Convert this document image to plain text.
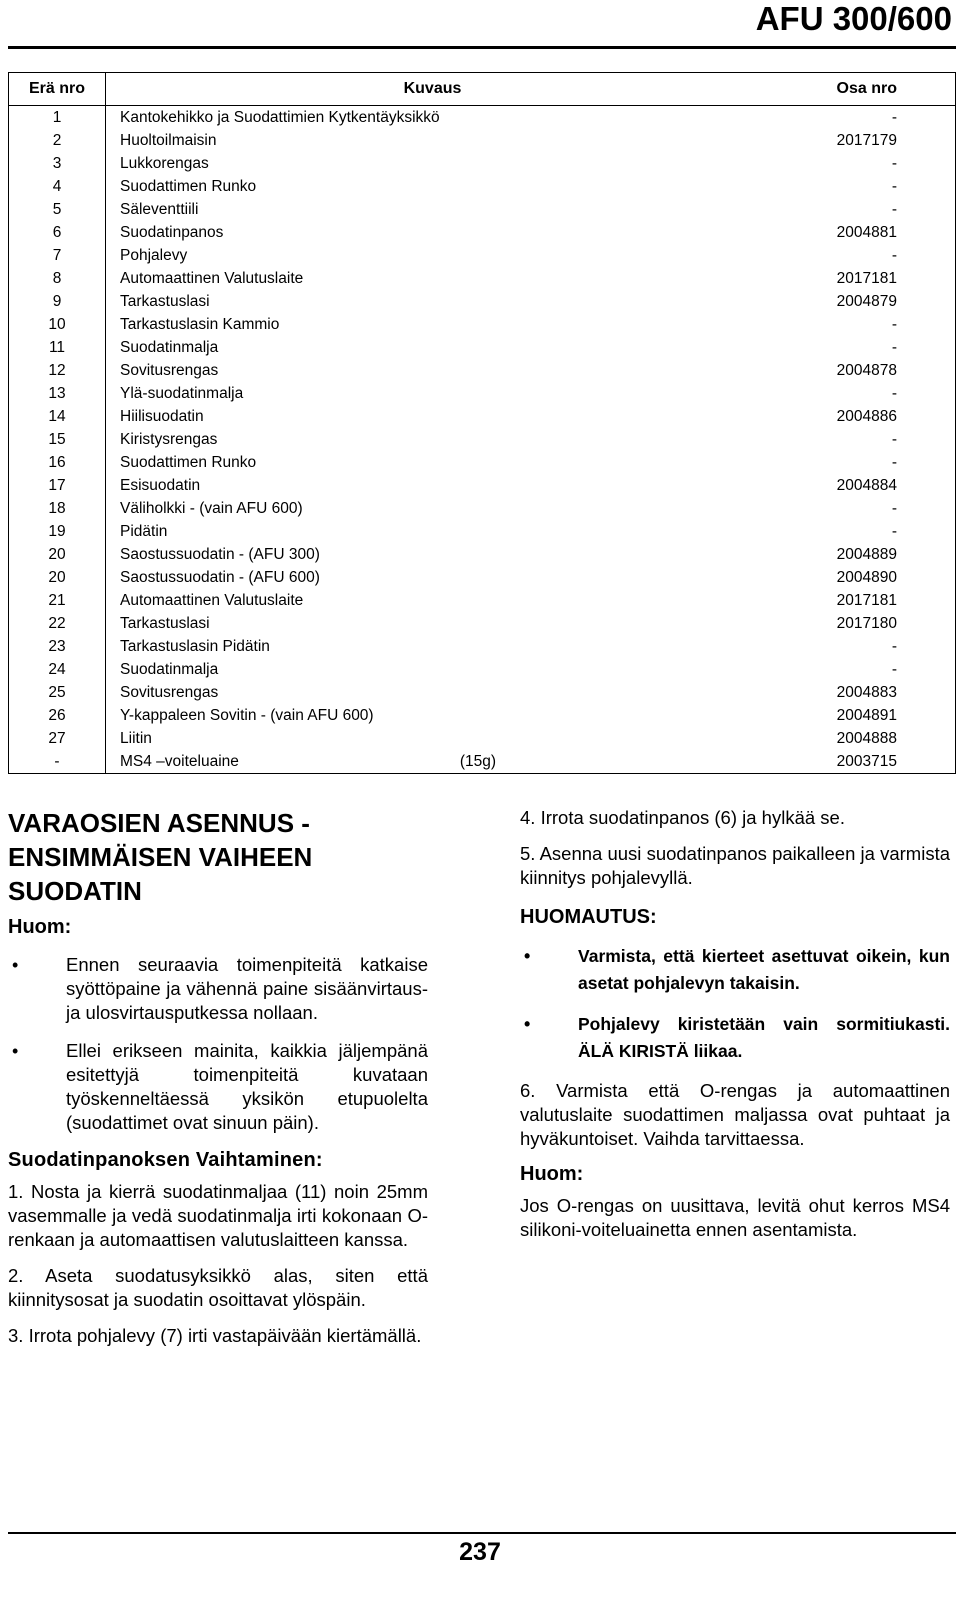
AFU 300/600
Erä nro	Kuvaus	Osa nro
1	Kantokehikko ja Suodattimien Kytkentäyksikkö	-
2	Huoltoilmaisin	2017179
3	Lukkorengas	-
4	Suodattimen Runko	-
5	Säleventtiili	-
6	Suodatinpanos	2004881
7	Pohjalevy	-
8	Automaattinen Valutuslaite	2017181
9	Tarkastuslasi	2004879
10	Tarkastuslasin Kammio	-
11	Suodatinmalja	-
12	Sovitusrengas	2004878
13	Ylä-suodatinmalja	-
14	Hiilisuodatin	2004886
15	Kiristysrengas	-
16	Suodattimen Runko	-
17	Esisuodatin	2004884
18	Väliholkki - (vain AFU 600)	-
19	Pidätin	-
20	Saostussuodatin - (AFU 300)	2004889
20	Saostussuodatin - (AFU 600)	2004890
21	Automaattinen Valutuslaite	2017181
22	Tarkastuslasi	2017180
23	Tarkastuslasin Pidätin	-
24	Suodatinmalja	-
25	Sovitusrengas	2004883
26	Y-kappaleen Sovitin - (vain AFU 600)	2004891
27	Liitin	2004888
-	MS4 –voiteluaine (15g)	2003715
VARAOSIEN ASENNUS - ENSIMMÄISEN VAIHEEN SUODATIN
Huom:
•	Ennen seuraavia toimenpiteitä katkaise syöttöpaine ja vähennä paine sisäänvirtaus- ja ulosvirtausputkessa nollaan.
•	Ellei erikseen mainita, kaikkia jäljempänä esitettyjä toimenpiteitä kuvataan työskenneltäessä yksikön etupuolelta (suodattimet ovat sinuun päin).
Suodatinpanoksen Vaihtaminen:

1. Nosta ja kierrä suodatinmaljaa (11) noin 25mm vasemmalle ja vedä suodatinmalja irti kokonaan O-renkaan ja automaattisen valutuslaitteen kanssa.

2. Aseta suodatusyksikkö alas, siten että kiinnitysosat ja suodatin osoittavat ylöspäin.

3. Irrota pohjalevy (7) irti vastapäivään kiertämällä.

4. Irrota suodatinpanos (6) ja hylkää se.

5. Asenna uusi suodatinpanos paikalleen ja varmista kiinnitys pohjalevyllä.

HUOMAUTUS:
•	Varmista, että kierteet asettuvat oikein, kun asetat pohjalevyn takaisin.
•	Pohjalevy kiristetään vain sormitiukasti. ÄLÄ KIRISTÄ liikaa.

6. Varmista että O-rengas ja automaattinen valutuslaite suodattimen maljassa ovat puhtaat ja hyväkuntoiset. Vaihda tarvittaessa.

Huom:

Jos O-rengas on uusittava, levitä ohut kerros MS4 silikoni-voiteluainetta ennen asentamista.

237
